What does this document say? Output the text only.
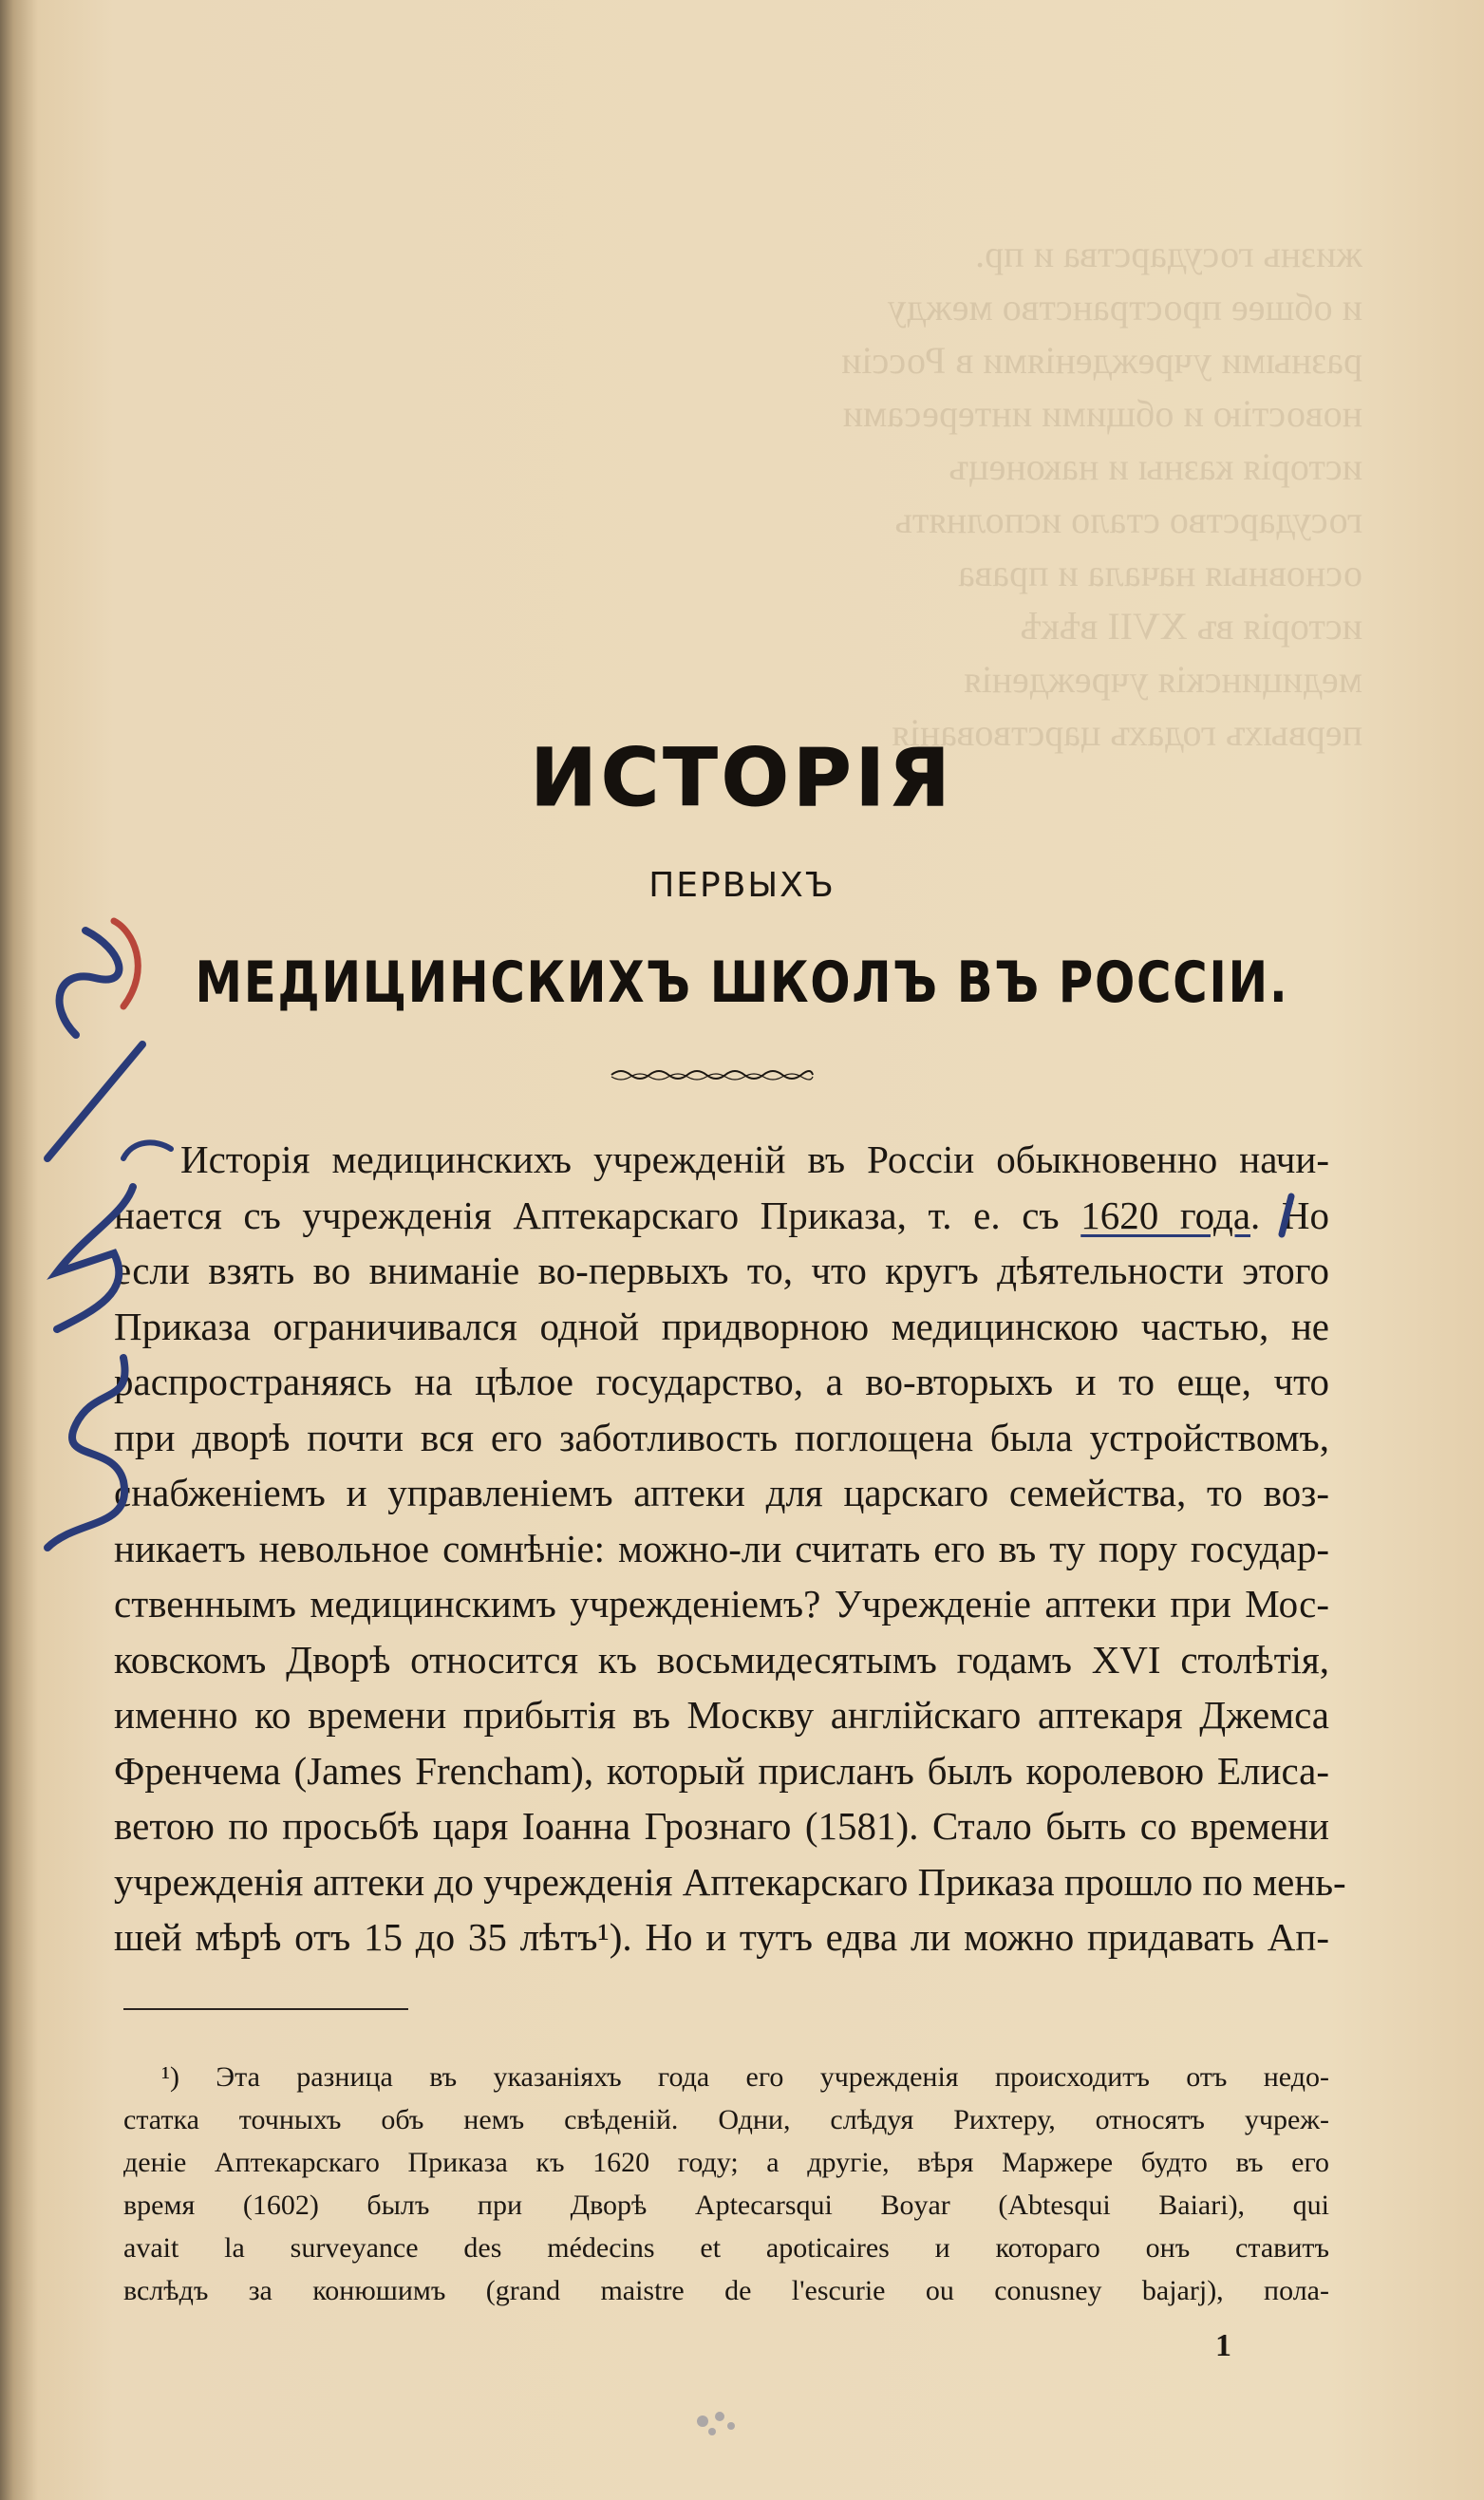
жизнь государства и пр.
и обшее пространство между
разными учрежденіями в Россіи
новостію и общими интересами
исторія казны и наконецъ
государство стало исполнять
основныя начала и права
исторія въ XVII вѣкѣ
медицинскія учрежденія
первыхъ годахъ царствованія
ИСТОРІЯ
ПЕРВЫХЪ
МЕДИЦИНСКИХЪ ШКОЛЪ ВЪ РОССІИ.
Исторія медицинскихъ учрежденій въ Россіи обыкновенно начи-
нается съ учрежденія Аптекарскаго Приказа, т. е. съ 1620 года. Но
если взять во вниманіе во-первыхъ то, что кругъ дѣятельности этого
Приказа ограничивался одной придворною медицинскою частью, не
распространяясь на цѣлое государство, а во-вторыхъ и то еще, что
при дворѣ почти вся его заботливость поглощена была устройствомъ,
снабженіемъ и управленіемъ аптеки для царскаго семейства, то воз-
никаетъ невольное сомнѣніе: можно-ли считать его въ ту пору государ-
ственнымъ медицинскимъ учрежденіемъ? Учрежденіе аптеки при Мос-
ковскомъ Дворѣ относится къ восьмидесятымъ годамъ XVI столѣтія,
именно ко времени прибытія въ Москву англійскаго аптекаря Джемса
Френчема (James Frencham), который присланъ былъ королевою Елиса-
ветою по просьбѣ царя Іоанна Грознаго (1581). Стало быть со времени
учрежденія аптеки до учрежденія Аптекарскаго Приказа прошло по мень-
шей мѣрѣ отъ 15 до 35 лѣтъ¹). Но и тутъ едва ли можно придавать Ап-
¹) Эта разница въ указаніяхъ года его учрежденія происходитъ отъ недо-
статка точныхъ объ немъ свѣденій. Одни, слѣдуя Рихтеру, относятъ учреж-
деніе Аптекарскаго Приказа къ 1620 году; а другіе, вѣря Маржере будто въ его
время (1602) былъ при Дворѣ Aptecarsqui Boyar (Abtesqui Baiari), qui
avait la surveyance des médecins et apoticaires и котораго онъ ставитъ
вслѣдъ за конюшимъ (grand maistre de l'escurie ou conusney bajarj), пола-
1
